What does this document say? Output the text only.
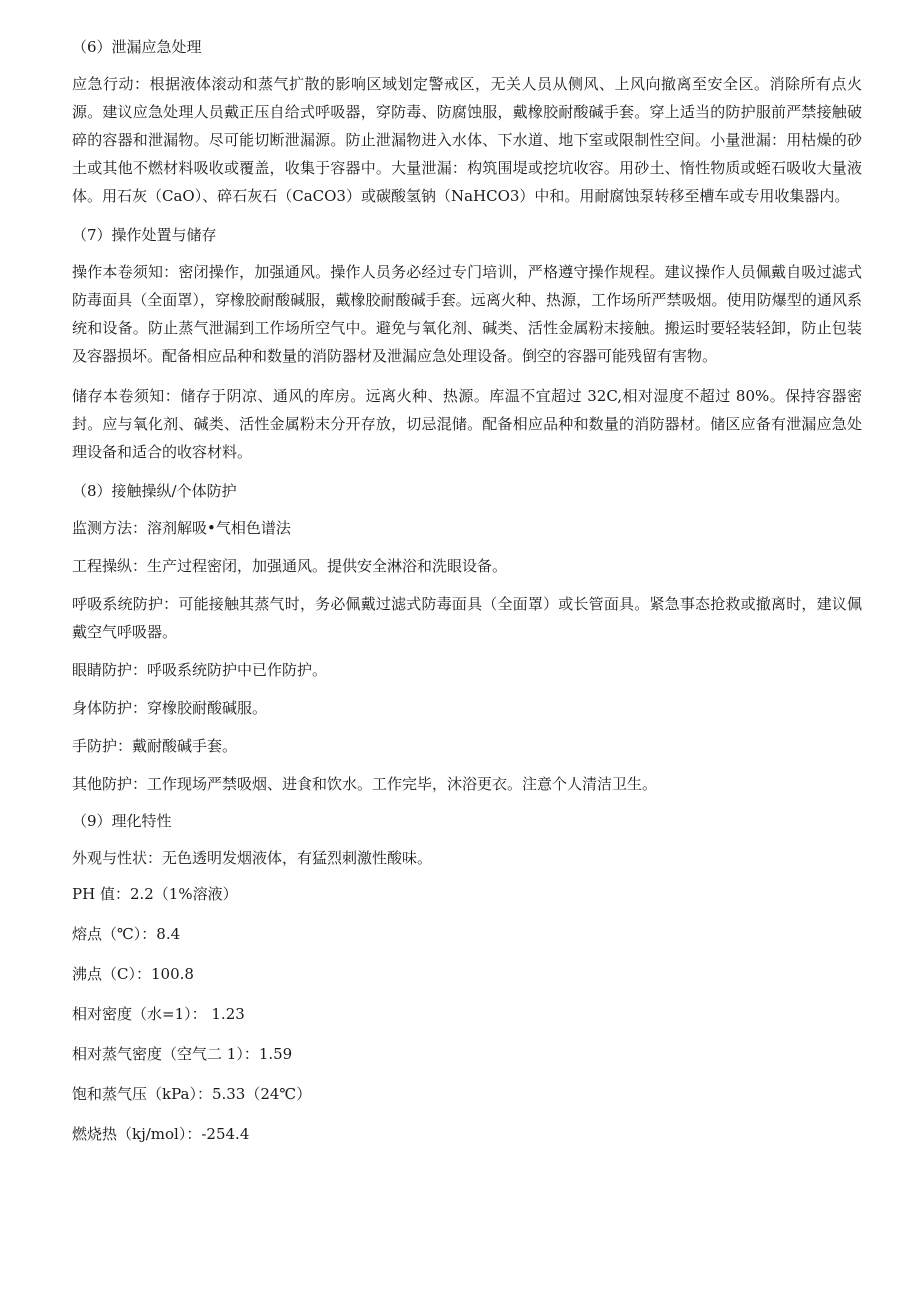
（6）泄漏应急处理
应急行动：根据液体滚动和蒸气扩散的影响区域划定警戒区，无关人员从侧风、上风向撤离至安全区。消除所有点火源。建议应急处理人员戴正压自给式呼吸器，穿防毒、防腐蚀服，戴橡胶耐酸碱手套。穿上适当的防护服前严禁接触破碎的容器和泄漏物。尽可能切断泄漏源。防止泄漏物进入水体、下水道、地下室或限制性空间。小量泄漏：用枯燥的砂土或其他不燃材料吸收或覆盖，收集于容器中。大量泄漏：构筑围堤或挖坑收容。用砂土、惰性物质或蛭石吸收大量液体。用石灰（CaO）、碎石灰石（CaCO3）或碳酸氢钠（NaHCO3）中和。用耐腐蚀泵转移至槽车或专用收集器内。
（7）操作处置与储存
操作本卷须知：密闭操作，加强通风。操作人员务必经过专门培训，严格遵守操作规程。建议操作人员佩戴自吸过滤式防毒面具（全面罩），穿橡胶耐酸碱服，戴橡胶耐酸碱手套。远离火种、热源，工作场所严禁吸烟。使用防爆型的通风系统和设备。防止蒸气泄漏到工作场所空气中。避免与氧化剂、碱类、活性金属粉末接触。搬运时要轻装轻卸，防止包装及容器损坏。配备相应品种和数量的消防器材及泄漏应急处理设备。倒空的容器可能残留有害物。
储存本卷须知：储存于阴凉、通风的库房。远离火种、热源。库温不宜超过 32C,相对湿度不超过 80%。保持容器密封。应与氧化剂、碱类、活性金属粉末分开存放，切忌混储。配备相应品种和数量的消防器材。储区应备有泄漏应急处理设备和适合的收容材料。
（8）接触操纵/个体防护
监测方法：溶剂解吸•气相色谱法
工程操纵：生产过程密闭，加强通风。提供安全淋浴和洗眼设备。
呼吸系统防护：可能接触其蒸气时，务必佩戴过滤式防毒面具（全面罩）或长管面具。紧急事态抢救或撤离时，建议佩戴空气呼吸器。
眼睛防护：呼吸系统防护中已作防护。
身体防护：穿橡胶耐酸碱服。
手防护：戴耐酸碱手套。
其他防护：工作现场严禁吸烟、进食和饮水。工作完毕，沐浴更衣。注意个人清洁卫生。
（9）理化特性
外观与性状：无色透明发烟液体，有猛烈刺激性酸味。
PH 值：2.2（1%溶液）
熔点（℃）：8.4
沸点（C）：100.8
相对密度（水=1）： 1.23
相对蒸气密度（空气二 1）：1.59
饱和蒸气压（kPa）：5.33（24℃）
燃烧热（kj/mol）：-254.4
